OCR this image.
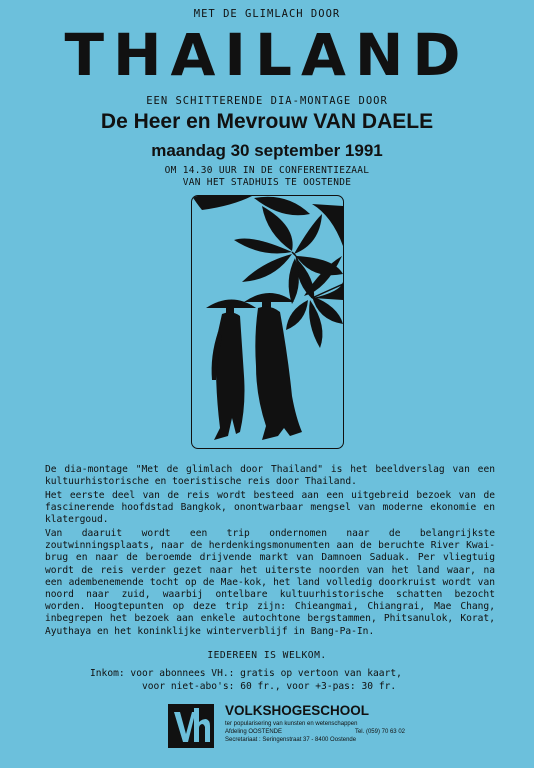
MET DE GLIMLACH DOOR
THAILAND
EEN SCHITTERENDE DIA-MONTAGE DOOR
De Heer en Mevrouw VAN DAELE
maandag 30 september 1991
OM 14.30 UUR IN DE CONFERENTIEZAAL
VAN HET STADHUIS TE OOSTENDE
De dia-montage "Met de glimlach door Thailand" is het beeldverslag van een kultuurhistorische en toeristische reis door Thailand.
Het eerste deel van de reis wordt besteed aan een uitgebreid bezoek van de fascinerende hoofdstad Bangkok, onontwarbaar mengsel van moderne ekonomie en klatergoud.
Van daaruit wordt een trip ondernomen naar de belangrijkste zoutwinningsplaats, naar de herdenkingsmonumenten aan de beruchte River Kwai-brug en naar de beroemde drijvende markt van Damnoen Saduak. Per vliegtuig wordt de reis verder gezet naar het uiterste noorden van het land waar, na een adembenemende tocht op de Mae-kok, het land volledig doorkruist wordt van noord naar zuid, waarbij ontelbare kultuurhistorische schatten bezocht worden. Hoogtepunten op deze trip zijn: Chieangmai, Chiangrai, Mae Chang, inbegrepen het bezoek aan enkele autochtone bergstammen, Phitsanulok, Korat, Ayuthaya en het koninklijke winterverblijf in Bang-Pa-In.
IEDEREEN IS WELKOM.
Inkom: voor abonnees VH.: gratis op vertoon van kaart,
voor niet-abo's: 60 fr., voor +3-pas: 30 fr.
VOLKSHOGESCHOOL
ter popularisering van kunsten en wetenschappen
Afdeling OOSTENDE	Tel. (059) 70 63 02
Secretariaat : Seringenstraat 37 - 8400 Oostende
